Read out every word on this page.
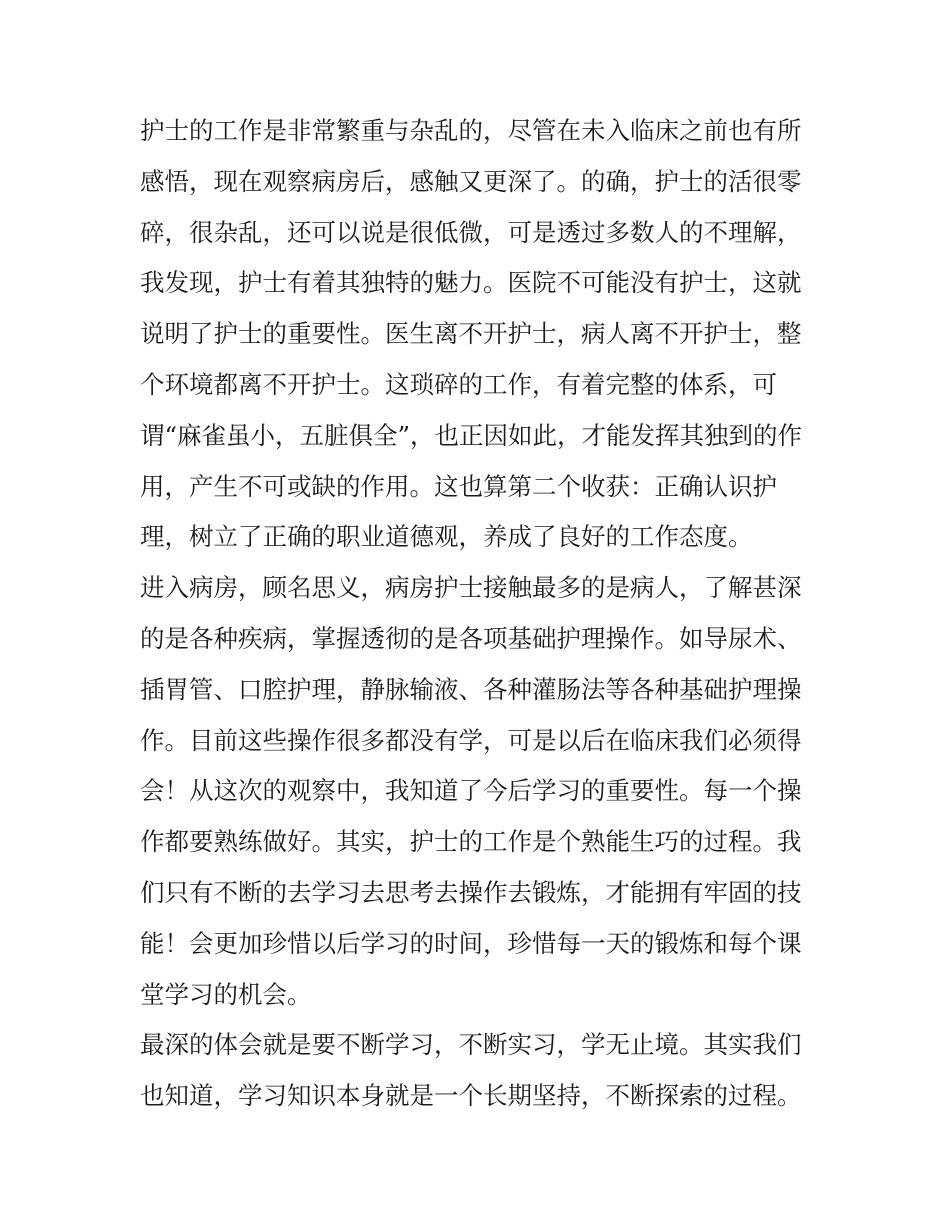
护士的工作是非常繁重与杂乱的，尽管在未入临床之前也有所
感悟，现在观察病房后，感触又更深了。的确，护士的活很零
碎，很杂乱，还可以说是很低微，可是透过多数人的不理解，
我发现，护士有着其独特的魅力。医院不可能没有护士，这就
说明了护士的重要性。医生离不开护士，病人离不开护士，整
个环境都离不开护士。这琐碎的工作，有着完整的体系，可
谓“麻雀虽小，五脏俱全”，也正因如此，才能发挥其独到的作
用，产生不可或缺的作用。这也算第二个收获：正确认识护
理，树立了正确的职业道德观，养成了良好的工作态度。
进入病房，顾名思义，病房护士接触最多的是病人，了解甚深
的是各种疾病，掌握透彻的是各项基础护理操作。如导尿术、
插胃管、口腔护理，静脉输液、各种灌肠法等各种基础护理操
作。目前这些操作很多都没有学，可是以后在临床我们必须得
会！从这次的观察中，我知道了今后学习的重要性。每一个操
作都要熟练做好。其实，护士的工作是个熟能生巧的过程。我
们只有不断的去学习去思考去操作去锻炼，才能拥有牢固的技
能！会更加珍惜以后学习的时间，珍惜每一天的锻炼和每个课
堂学习的机会。
最深的体会就是要不断学习，不断实习，学无止境。其实我们
也知道，学习知识本身就是一个长期坚持，不断探索的过程。
